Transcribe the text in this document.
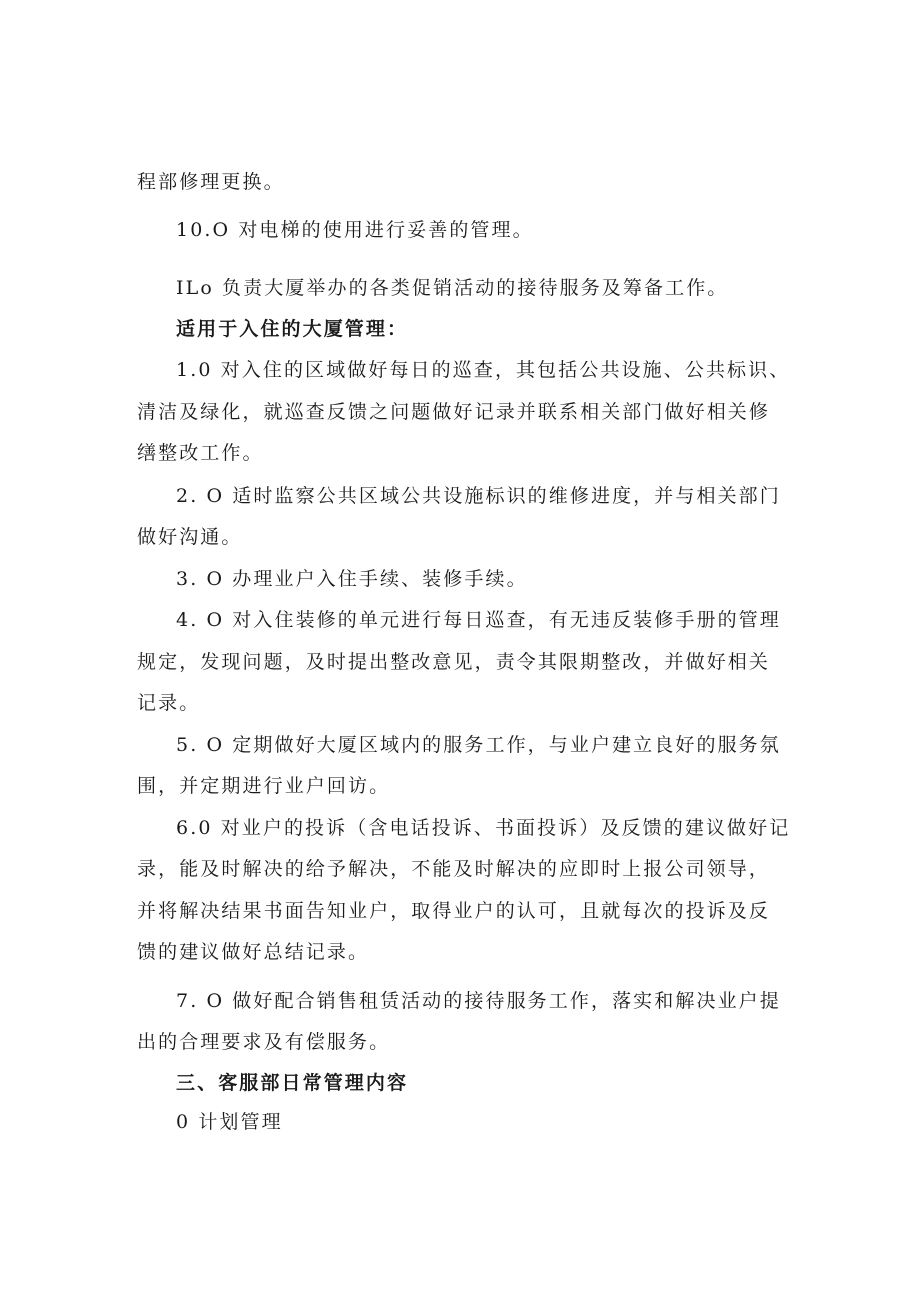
程部修理更换。
10.O 对电梯的使用进行妥善的管理。
ILo 负责大厦举办的各类促销活动的接待服务及筹备工作。
适用于入住的大厦管理：
1.0 对入住的区域做好每日的巡查，其包括公共设施、公共标识、
清洁及绿化，就巡查反馈之问题做好记录并联系相关部门做好相关修
缮整改工作。
2. O 适时监察公共区域公共设施标识的维修进度，并与相关部门
做好沟通。
3. O 办理业户入住手续、装修手续。
4. O 对入住装修的单元进行每日巡查，有无违反装修手册的管理
规定，发现问题，及时提出整改意见，责令其限期整改，并做好相关
记录。
5. O 定期做好大厦区域内的服务工作，与业户建立良好的服务氛
围，并定期进行业户回访。
6.0 对业户的投诉（含电话投诉、书面投诉）及反馈的建议做好记
录，能及时解决的给予解决，不能及时解决的应即时上报公司领导，
并将解决结果书面告知业户，取得业户的认可，且就每次的投诉及反
馈的建议做好总结记录。
7. O 做好配合销售租赁活动的接待服务工作，落实和解决业户提
出的合理要求及有偿服务。
三、客服部日常管理内容
0 计划管理
